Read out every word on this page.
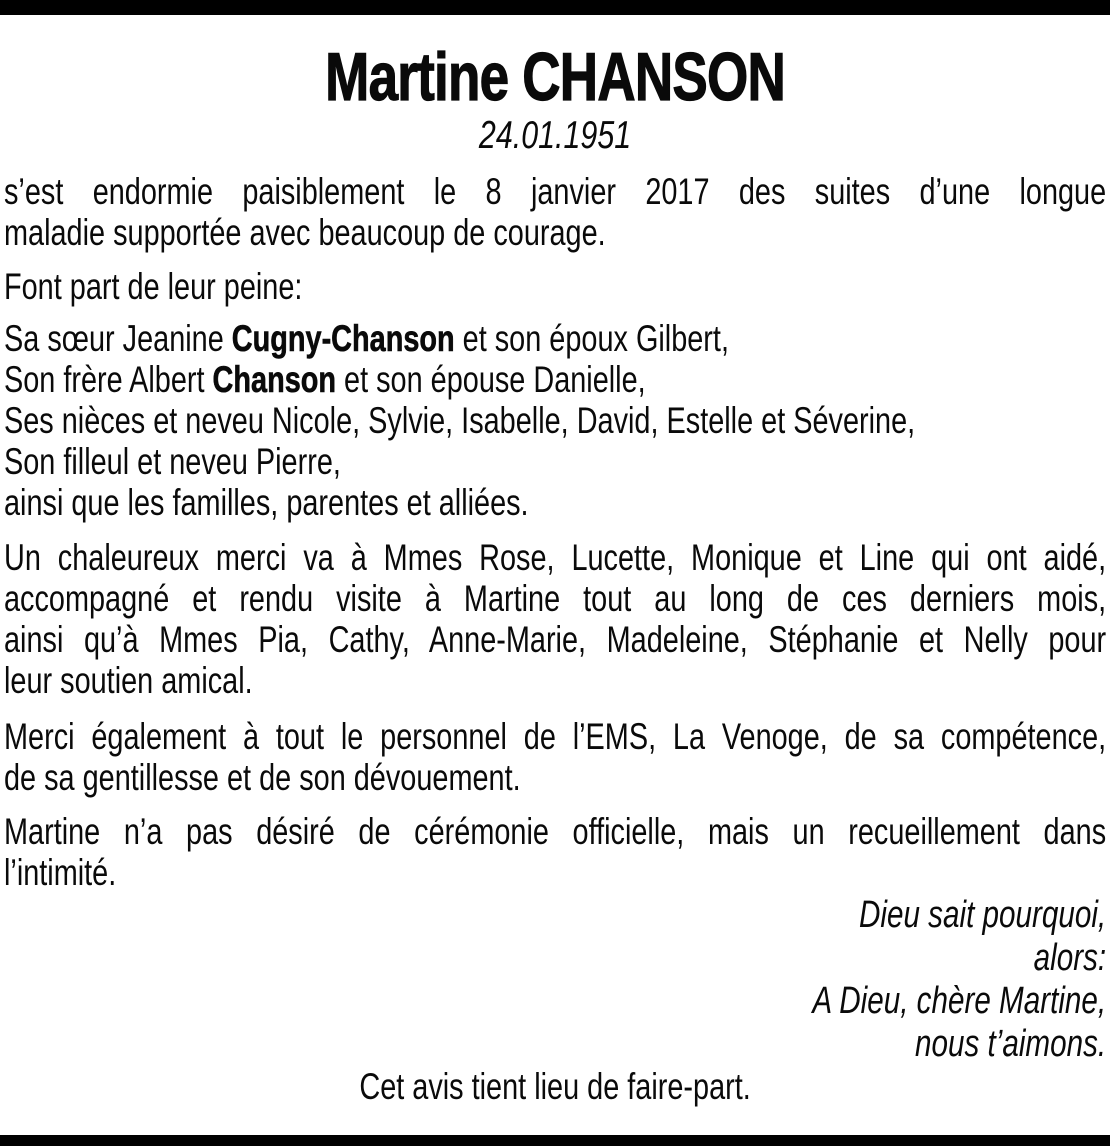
Martine CHANSON
24.01.1951
s’est endormie paisiblement le 8 janvier 2017 des suites d’une longue
maladie supportée avec beaucoup de courage.
Font part de leur peine:
Sa sœur Jeanine Cugny-Chanson et son époux Gilbert,
Son frère Albert Chanson et son épouse Danielle,
Ses nièces et neveu Nicole, Sylvie, Isabelle, David, Estelle et Séverine,
Son filleul et neveu Pierre,
ainsi que les familles, parentes et alliées.
Un chaleureux merci va à Mmes Rose, Lucette, Monique et Line qui ont aidé,
accompagné et rendu visite à Martine tout au long de ces derniers mois,
ainsi qu’à Mmes Pia, Cathy, Anne-Marie, Madeleine, Stéphanie et Nelly pour
leur soutien amical.
Merci également à tout le personnel de l’EMS, La Venoge, de sa compétence,
de sa gentillesse et de son dévouement.
Martine n’a pas désiré de cérémonie officielle, mais un recueillement dans
l’intimité.
Dieu sait pourquoi,
alors:
A Dieu, chère Martine,
nous t’aimons.
Cet avis tient lieu de faire-part.
